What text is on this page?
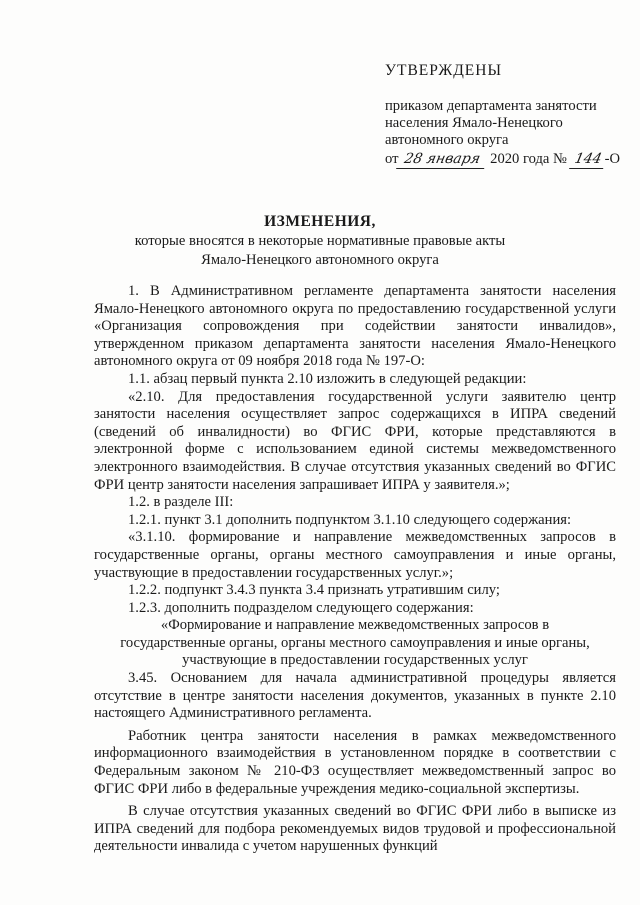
УТВЕРЖДЕНЫ
приказом департамента занятости
населения Ямало-Ненецкого
автономного округа
от 28 января 2020 года № 144 -О
ИЗМЕНЕНИЯ,
которые вносятся в некоторые нормативные правовые акты
Ямало-Ненецкого автономного округа

1. В Административном регламенте департамента занятости населения Ямало-Ненецкого автономного округа по предоставлению государственной услуги «Организация сопровождения при содействии занятости инвалидов», утвержденном приказом департамента занятости населения Ямало-Ненецкого автономного округа от 09 ноября 2018 года № 197-О:

1.1. абзац первый пункта 2.10 изложить в следующей редакции:

«2.10. Для предоставления государственной услуги заявителю центр занятости населения осуществляет запрос содержащихся в ИПРА сведений (сведений об инвалидности) во ФГИС ФРИ, которые представляются в электронной форме с использованием единой системы межведомственного электронного взаимодействия. В случае отсутствия указанных сведений во ФГИС ФРИ центр занятости населения запрашивает ИПРА у заявителя.»;

1.2. в разделе III:

1.2.1. пункт 3.1 дополнить подпунктом 3.1.10 следующего содержания:

«3.1.10. формирование и направление межведомственных запросов в государственные органы, органы местного самоуправления и иные органы, участвующие в предоставлении государственных услуг.»;

1.2.2. подпункт 3.4.3 пункта 3.4 признать утратившим силу;

1.2.3. дополнить подразделом следующего содержания:

«Формирование и направление межведомственных запросов в

государственные органы, органы местного самоуправления и иные органы,

участвующие в предоставлении государственных услуг

3.45. Основанием для начала административной процедуры является отсутствие в центре занятости населения документов, указанных в пункте 2.10 настоящего Административного регламента.

Работник центра занятости населения в рамках межведомственного информационного взаимодействия в установленном порядке в соответствии с Федеральным законом № 210-ФЗ осуществляет межведомственный запрос во ФГИС ФРИ либо в федеральные учреждения медико-социальной экспертизы.

В случае отсутствия указанных сведений во ФГИС ФРИ либо в выписке из ИПРА сведений для подбора рекомендуемых видов трудовой и профессиональной деятельности инвалида с учетом нарушенных функций
